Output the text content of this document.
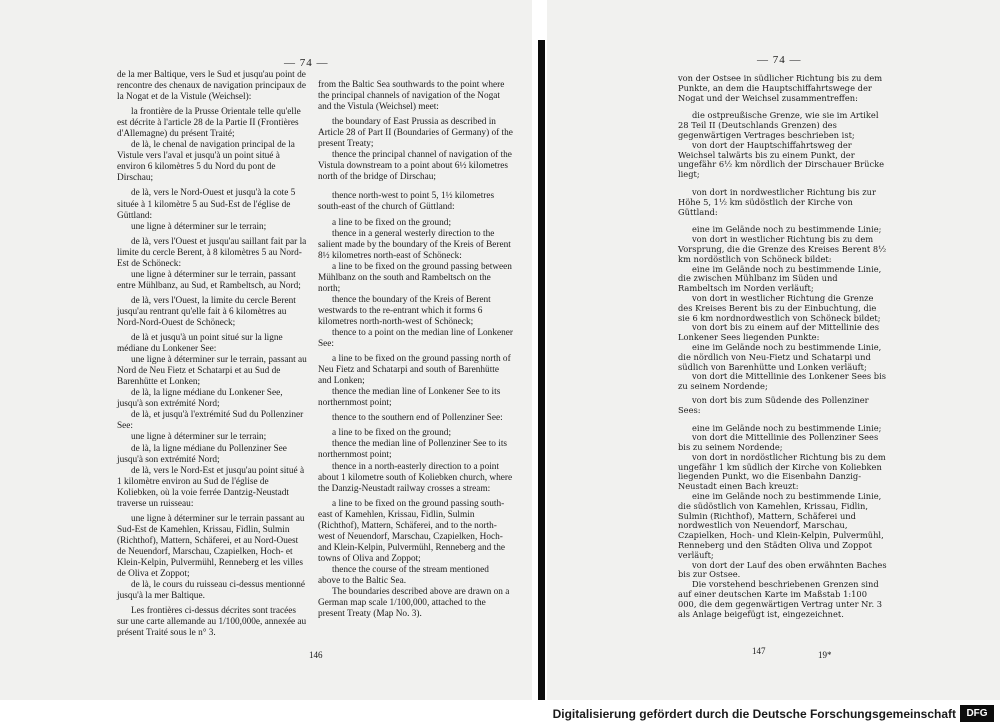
— 74 —	— 74 —

de la mer Baltique, vers le Sud et jusqu'au point de rencontre des chenaux de navigation principaux de la Nogat et de la Vistule (Weichsel):

la frontière de la Prusse Orientale telle qu'elle est décrite à l'article 28 de la Partie II (Frontières d'Allemagne) du présent Traité;

de là, le chenal de navigation principal de la Vistule vers l'aval et jusqu'à un point situé à environ 6 kilomètres 5 du Nord du pont de Dirschau;

de là, vers le Nord-Ouest et jusqu'à la cote 5 située à 1 kilomètre 5 au Sud-Est de l'église de Güttland:

une ligne à déterminer sur le terrain;

de là, vers l'Ouest et jusqu'au saillant fait par la limite du cercle Berent, à 8 kilomètres 5 au Nord-Est de Schöneck:

une ligne à déterminer sur le terrain, passant entre Mühlbanz, au Sud, et Rambeltsch, au Nord;

de là, vers l'Ouest, la limite du cercle Berent jusqu'au rentrant qu'elle fait à 6 kilomètres au Nord-Nord-Ouest de Schöneck;

de là et jusqu'à un point situé sur la ligne médiane du Lonkener See:

une ligne à déterminer sur le terrain, passant au Nord de Neu Fietz et Schatarpi et au Sud de Barenhütte et Lonken;

de là, la ligne médiane du Lonkener See, jusqu'à son extrémité Nord;

de là, et jusqu'à l'extrémité Sud du Pollenziner See:

une ligne à déterminer sur le terrain;

de là, la ligne médiane du Pollenziner See jusqu'à son extrémité Nord;

de là, vers le Nord-Est et jusqu'au point situé à 1 kilomètre environ au Sud de l'église de Koliebken, où la voie ferrée Dantzig-Neustadt traverse un ruisseau:

une ligne à déterminer sur le terrain passant au Sud-Est de Kamehlen, Krissau, Fidlin, Sulmin (Richthof), Mattern, Schäferei, et au Nord-Ouest de Neuendorf, Marschau, Czapielken, Hoch- et Klein-Kelpin, Pulvermühl, Renneberg et les villes de Oliva et Zoppot;

de là, le cours du ruisseau ci-dessus mentionné jusqu'à la mer Baltique.

Les frontières ci-dessus décrites sont tracées sur une carte allemande au 1/100,000e, annexée au présent Traité sous le n° 3.

from the Baltic Sea southwards to the point where the principal channels of navigation of the Nogat and the Vistula (Weichsel) meet:

the boundary of East Prussia as described in Article 28 of Part II (Boundaries of Germany) of the present Treaty;

thence the principal channel of navigation of the Vistula downstream to a point about 6½ kilometres north of the bridge of Dirschau;

thence north-west to point 5, 1½ kilometres south-east of the church of Güttland:

a line to be fixed on the ground;

thence in a general westerly direction to the salient made by the boundary of the Kreis of Berent 8½ kilometres north-east of Schöneck:

a line to be fixed on the ground passing between Mühlbanz on the south and Rambeltsch on the north;

thence the boundary of the Kreis of Berent westwards to the re-entrant which it forms 6 kilometres north-north-west of Schöneck;

thence to a point on the median line of Lonkener See:

a line to be fixed on the ground passing north of Neu Fietz and Schatarpi and south of Barenhütte and Lonken;

thence the median line of Lonkener See to its northernmost point;

thence to the southern end of Pollenziner See:

a line to be fixed on the ground;

thence the median line of Pollenziner See to its northernmost point;

thence in a north-easterly direction to a point about 1 kilometre south of Koliebken church, where the Danzig-Neustadt railway crosses a stream:

a line to be fixed on the ground passing south-east of Kamehlen, Krissau, Fidlin, Sulmin (Richthof), Mattern, Schäferei, and to the north-west of Neuendorf, Marschau, Czapielken, Hoch- and Klein-Kelpin, Pulvermühl, Renneberg and the towns of Oliva and Zoppot;

thence the course of the stream mentioned above to the Baltic Sea.

The boundaries described above are drawn on a German map scale 1/100,000, attached to the present Treaty (Map No. 3).

von der Ostsee in südlicher Richtung bis zu dem Punkte, an dem die Hauptschiffahrtswege der Nogat und der Weichsel zusammentreffen:

die ostpreußische Grenze, wie sie im Artikel 28 Teil II (Deutschlands Grenzen) des gegenwärtigen Vertrages beschrieben ist;

von dort der Hauptschiffahrtsweg der Weichsel talwärts bis zu einem Punkt, der ungefähr 6½ km nördlich der Dirschauer Brücke liegt;

von dort in nordwestlicher Richtung bis zur Höhe 5, 1½ km südöstlich der Kirche von Güttland:

eine im Gelände noch zu bestimmende Linie;

von dort in westlicher Richtung bis zu dem Vorsprung, die die Grenze des Kreises Berent 8½ km nordöstlich von Schöneck bildet:

eine im Gelände noch zu bestimmende Linie, die zwischen Mühlbanz im Süden und Rambeltsch im Norden verläuft;

von dort in westlicher Richtung die Grenze des Kreises Berent bis zu der Einbuchtung, die sie 6 km nordnordwestlich von Schöneck bildet;

von dort bis zu einem auf der Mittellinie des Lonkener Sees liegenden Punkte:

eine im Gelände noch zu bestimmende Linie, die nördlich von Neu-Fietz und Schatarpi und südlich von Barenhütte und Lonken verläuft;

von dort die Mittellinie des Lonkener Sees bis zu seinem Nordende;

von dort bis zum Südende des Pollenziner Sees:

eine im Gelände noch zu bestimmende Linie;

von dort die Mittellinie des Pollenziner Sees bis zu seinem Nordende;

von dort in nordöstlicher Richtung bis zu dem ungefähr 1 km südlich der Kirche von Koliebken liegenden Punkt, wo die Eisenbahn Danzig-Neustadt einen Bach kreuzt:

eine im Gelände noch zu bestimmende Linie, die südöstlich von Kamehlen, Krissau, Fidlin, Sulmin (Richthof), Mattern, Schäferei und nordwestlich von Neuendorf, Marschau, Czapielken, Hoch- und Klein-Kelpin, Pulvermühl, Renneberg und den Städten Oliva und Zoppot verläuft;

von dort der Lauf des oben erwähnten Baches bis zur Ostsee.

Die vorstehend beschriebenen Grenzen sind auf einer deutschen Karte im Maßstab 1:100 000, die dem gegenwärtigen Vertrag unter Nr. 3 als Anlage beigefügt ist, eingezeichnet.

146	147	19*
Digitalisierung gefördert durch die Deutsche Forschungsgemeinschaft	DFG
